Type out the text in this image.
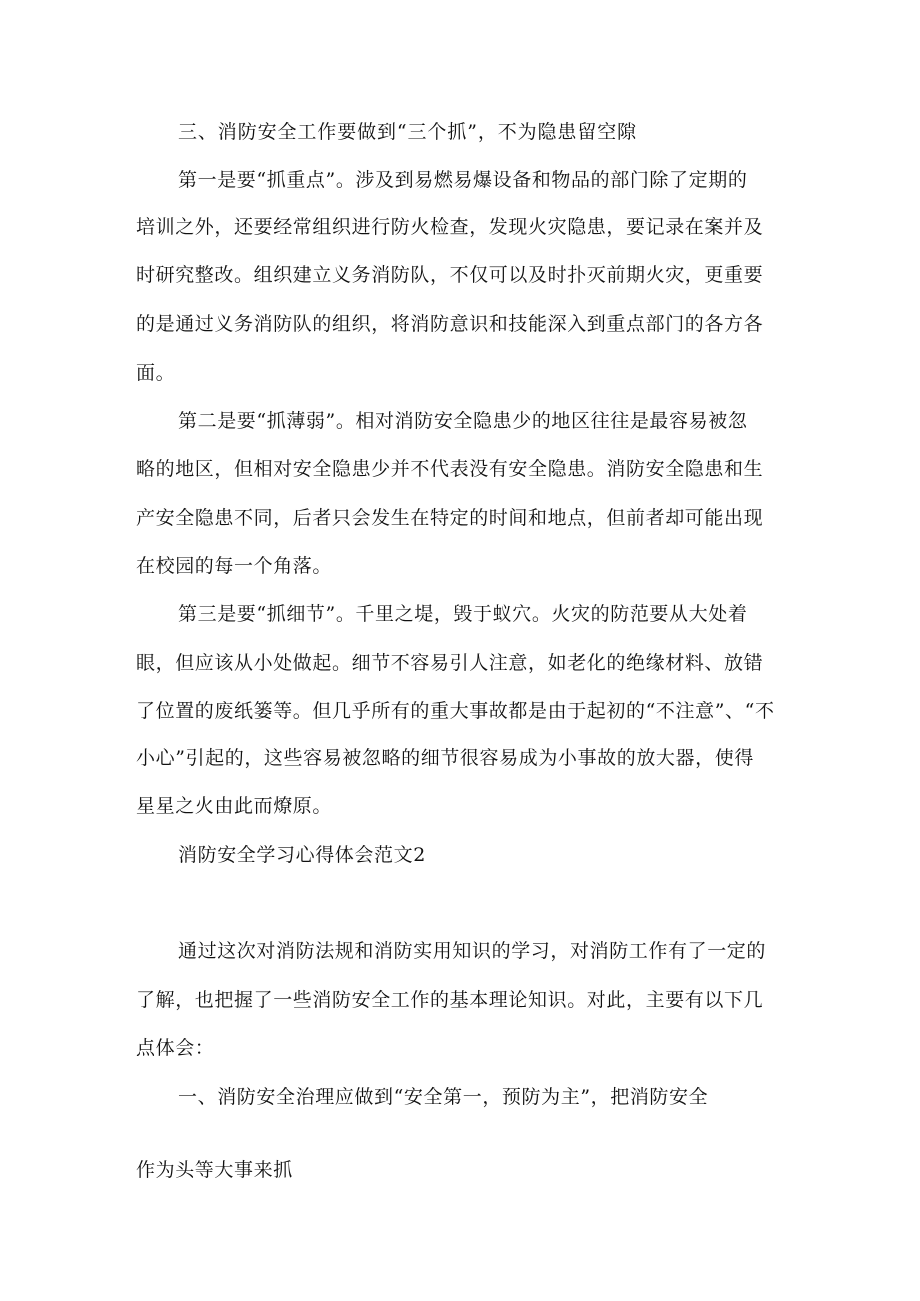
三、消防安全工作要做到“三个抓”，不为隐患留空隙
第一是要“抓重点”。涉及到易燃易爆设备和物品的部门除了定期的
培训之外，还要经常组织进行防火检查，发现火灾隐患，要记录在案并及
时研究整改。组织建立义务消防队，不仅可以及时扑灭前期火灾，更重要
的是通过义务消防队的组织，将消防意识和技能深入到重点部门的各方各
面。
第二是要“抓薄弱”。相对消防安全隐患少的地区往往是最容易被忽
略的地区，但相对安全隐患少并不代表没有安全隐患。消防安全隐患和生
产安全隐患不同，后者只会发生在特定的时间和地点，但前者却可能出现
在校园的每一个角落。
第三是要“抓细节”。千里之堤，毁于蚁穴。火灾的防范要从大处着
眼，但应该从小处做起。细节不容易引人注意，如老化的绝缘材料、放错
了位置的废纸篓等。但几乎所有的重大事故都是由于起初的“不注意”、“不
小心”引起的，这些容易被忽略的细节很容易成为小事故的放大器，使得
星星之火由此而燎原。
消防安全学习心得体会范文2
通过这次对消防法规和消防实用知识的学习，对消防工作有了一定的
了解，也把握了一些消防安全工作的基本理论知识。对此，主要有以下几
点体会：
一、消防安全治理应做到“安全第一，预防为主”，把消防安全
作为头等大事来抓
